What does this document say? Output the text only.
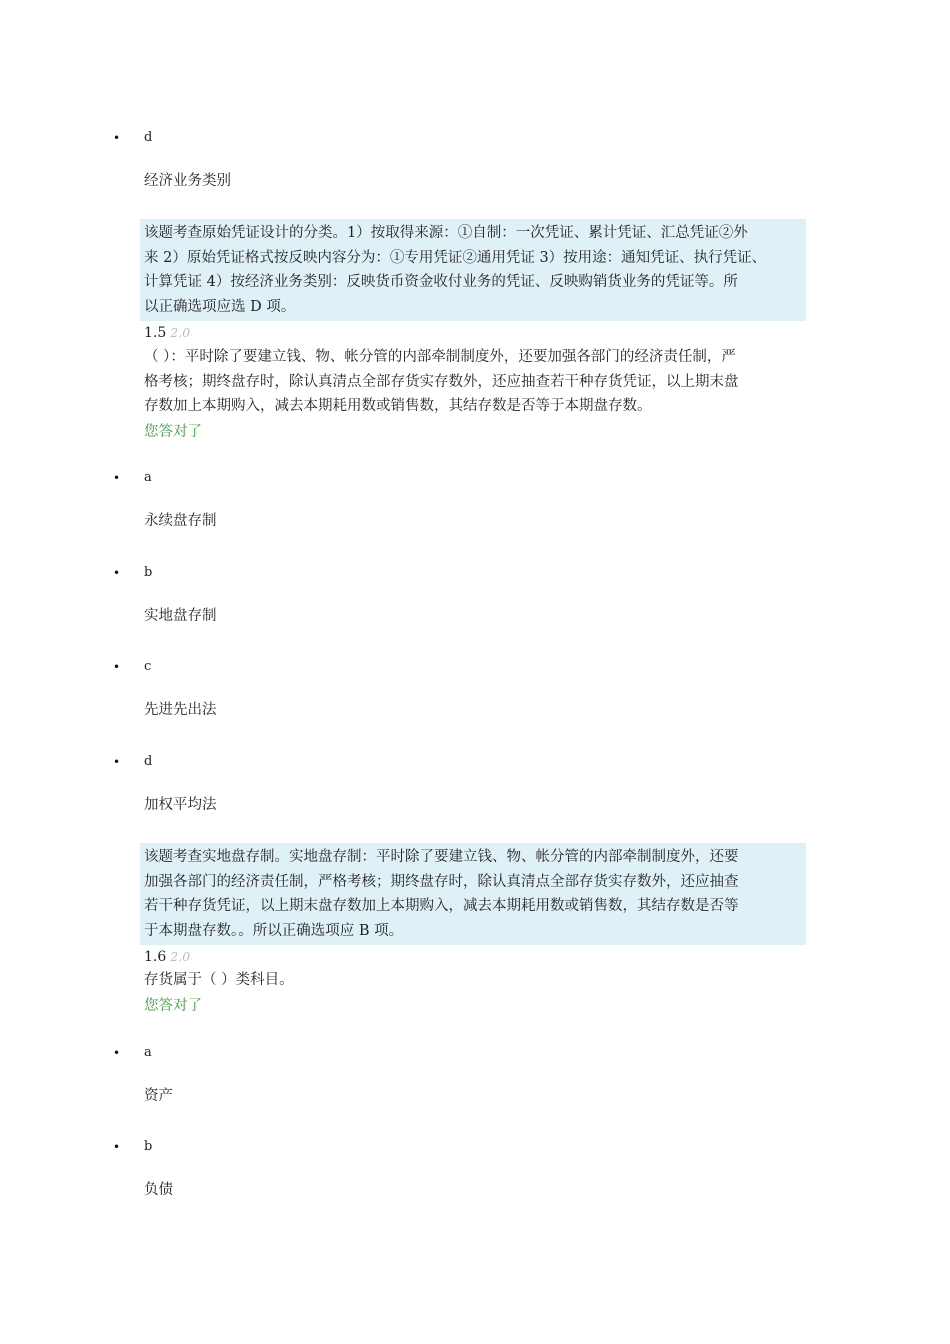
• d
经济业务类别
该题考查原始凭证设计的分类。1）按取得来源：①自制：一次凭证、累计凭证、汇总凭证②外
来 2）原始凭证格式按反映内容分为：①专用凭证②通用凭证 3）按用途：通知凭证、执行凭证、
计算凭证 4）按经济业务类别：反映货币资金收付业务的凭证、反映购销货业务的凭证等。所
以正确选项应选 D 项。
1.5 2.0
（ ）：平时除了要建立钱、物、帐分管的内部牵制制度外，还要加强各部门的经济责任制，严
格考核；期终盘存时，除认真清点全部存货实存数外，还应抽查若干种存货凭证，以上期末盘
存数加上本期购入，减去本期耗用数或销售数，其结存数是否等于本期盘存数。
您答对了
• a
永续盘存制
• b
实地盘存制
• c
先进先出法
• d
加权平均法
该题考查实地盘存制。实地盘存制：平时除了要建立钱、物、帐分管的内部牵制制度外，还要
加强各部门的经济责任制，严格考核；期终盘存时，除认真清点全部存货实存数外，还应抽查
若干种存货凭证，以上期末盘存数加上本期购入，减去本期耗用数或销售数，其结存数是否等
于本期盘存数。。所以正确选项应 B 项。
1.6 2.0
存货属于（ ）类科目。
您答对了
• a
资产
• b
负债
